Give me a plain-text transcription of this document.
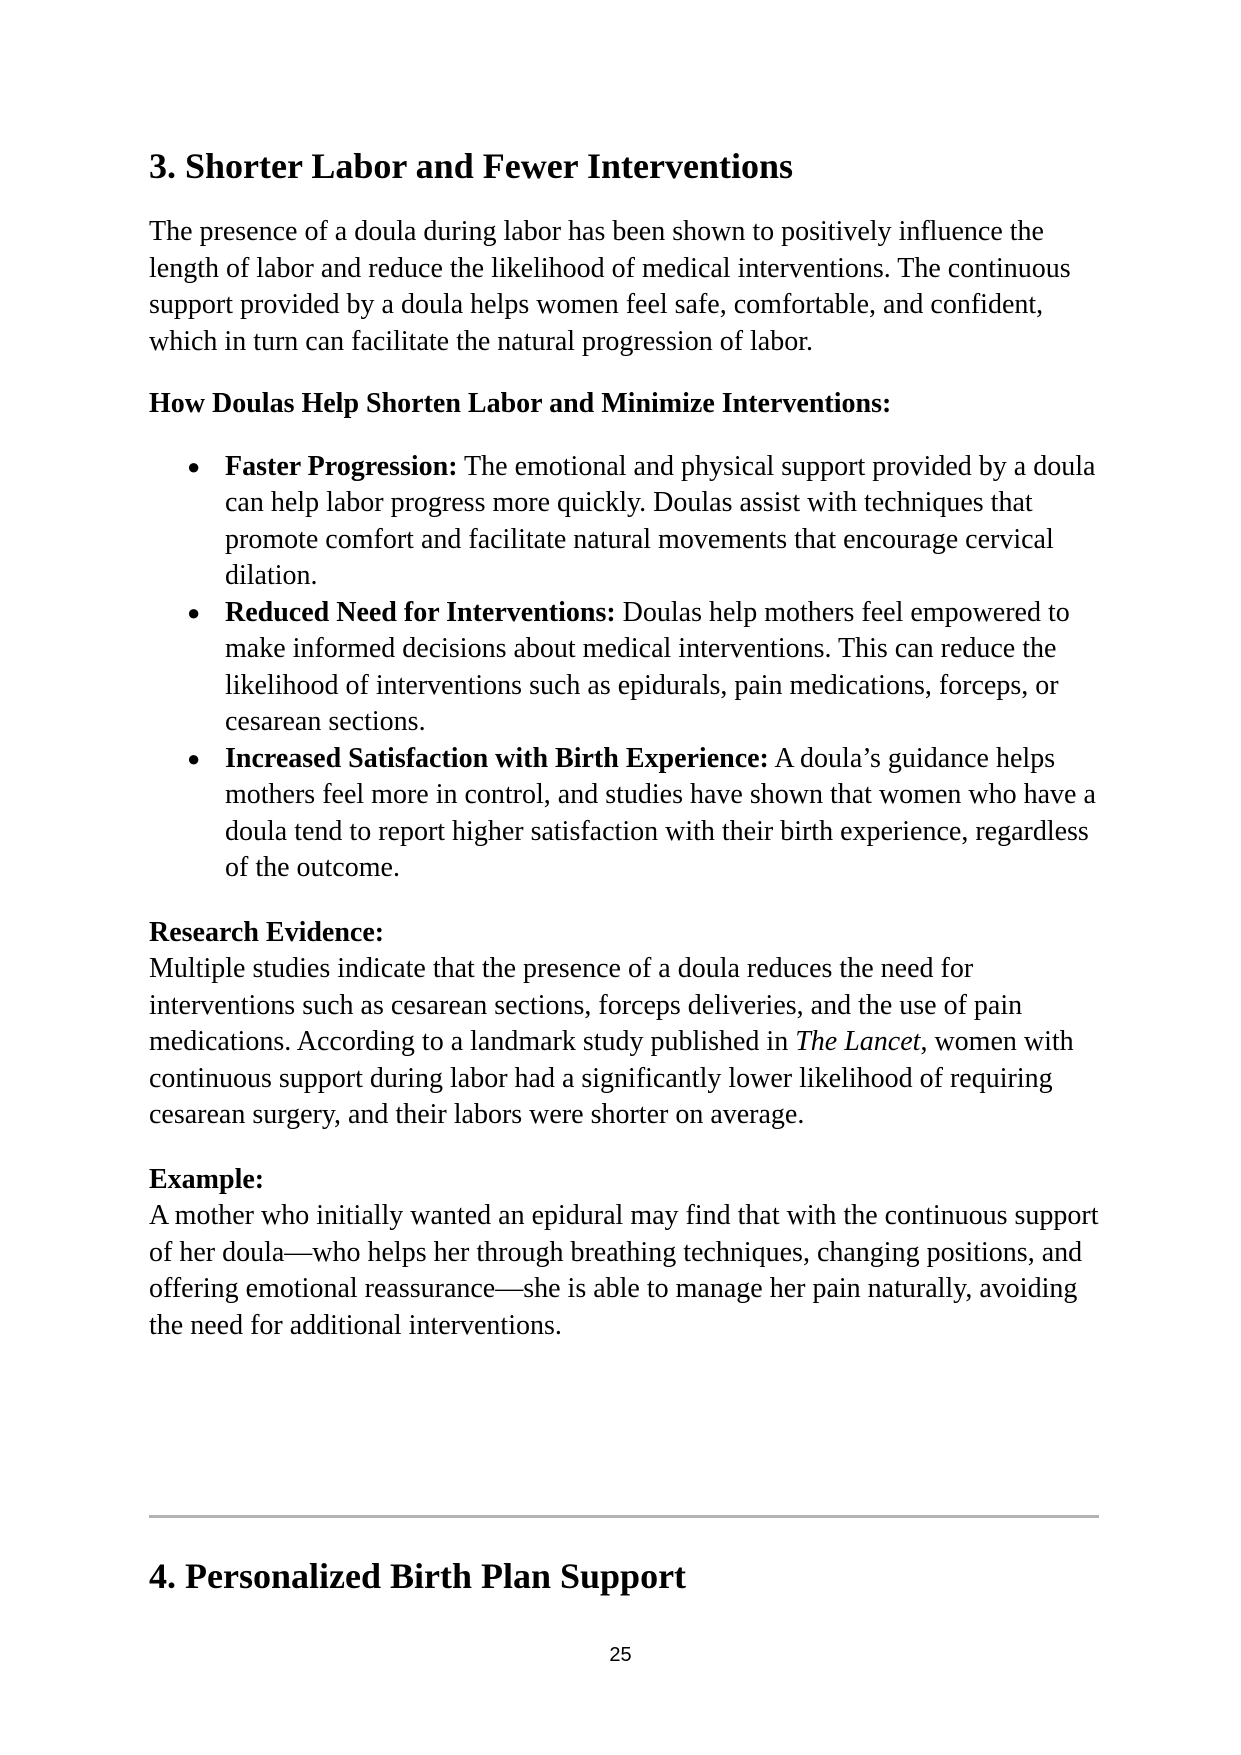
3. Shorter Labor and Fewer Interventions

The presence of a doula during labor has been shown to positively influence the length of labor and reduce the likelihood of medical interventions. The continuous support provided by a doula helps women feel safe, comfortable, and confident, which in turn can facilitate the natural progression of labor.

How Doulas Help Shorten Labor and Minimize Interventions:

● Faster Progression: The emotional and physical support provided by a doula can help labor progress more quickly. Doulas assist with techniques that promote comfort and facilitate natural movements that encourage cervical dilation.
● Reduced Need for Interventions: Doulas help mothers feel empowered to make informed decisions about medical interventions. This can reduce the likelihood of interventions such as epidurals, pain medications, forceps, or cesarean sections.
● Increased Satisfaction with Birth Experience: A doula’s guidance helps mothers feel more in control, and studies have shown that women who have a doula tend to report higher satisfaction with their birth experience, regardless of the outcome.

Research Evidence:

Multiple studies indicate that the presence of a doula reduces the need for interventions such as cesarean sections, forceps deliveries, and the use of pain medications. According to a landmark study published in The Lancet, women with continuous support during labor had a significantly lower likelihood of requiring cesarean surgery, and their labors were shorter on average.

Example:

A mother who initially wanted an epidural may find that with the continuous support of her doula—who helps her through breathing techniques, changing positions, and offering emotional reassurance—she is able to manage her pain naturally, avoiding the need for additional interventions.

4. Personalized Birth Plan Support
25
